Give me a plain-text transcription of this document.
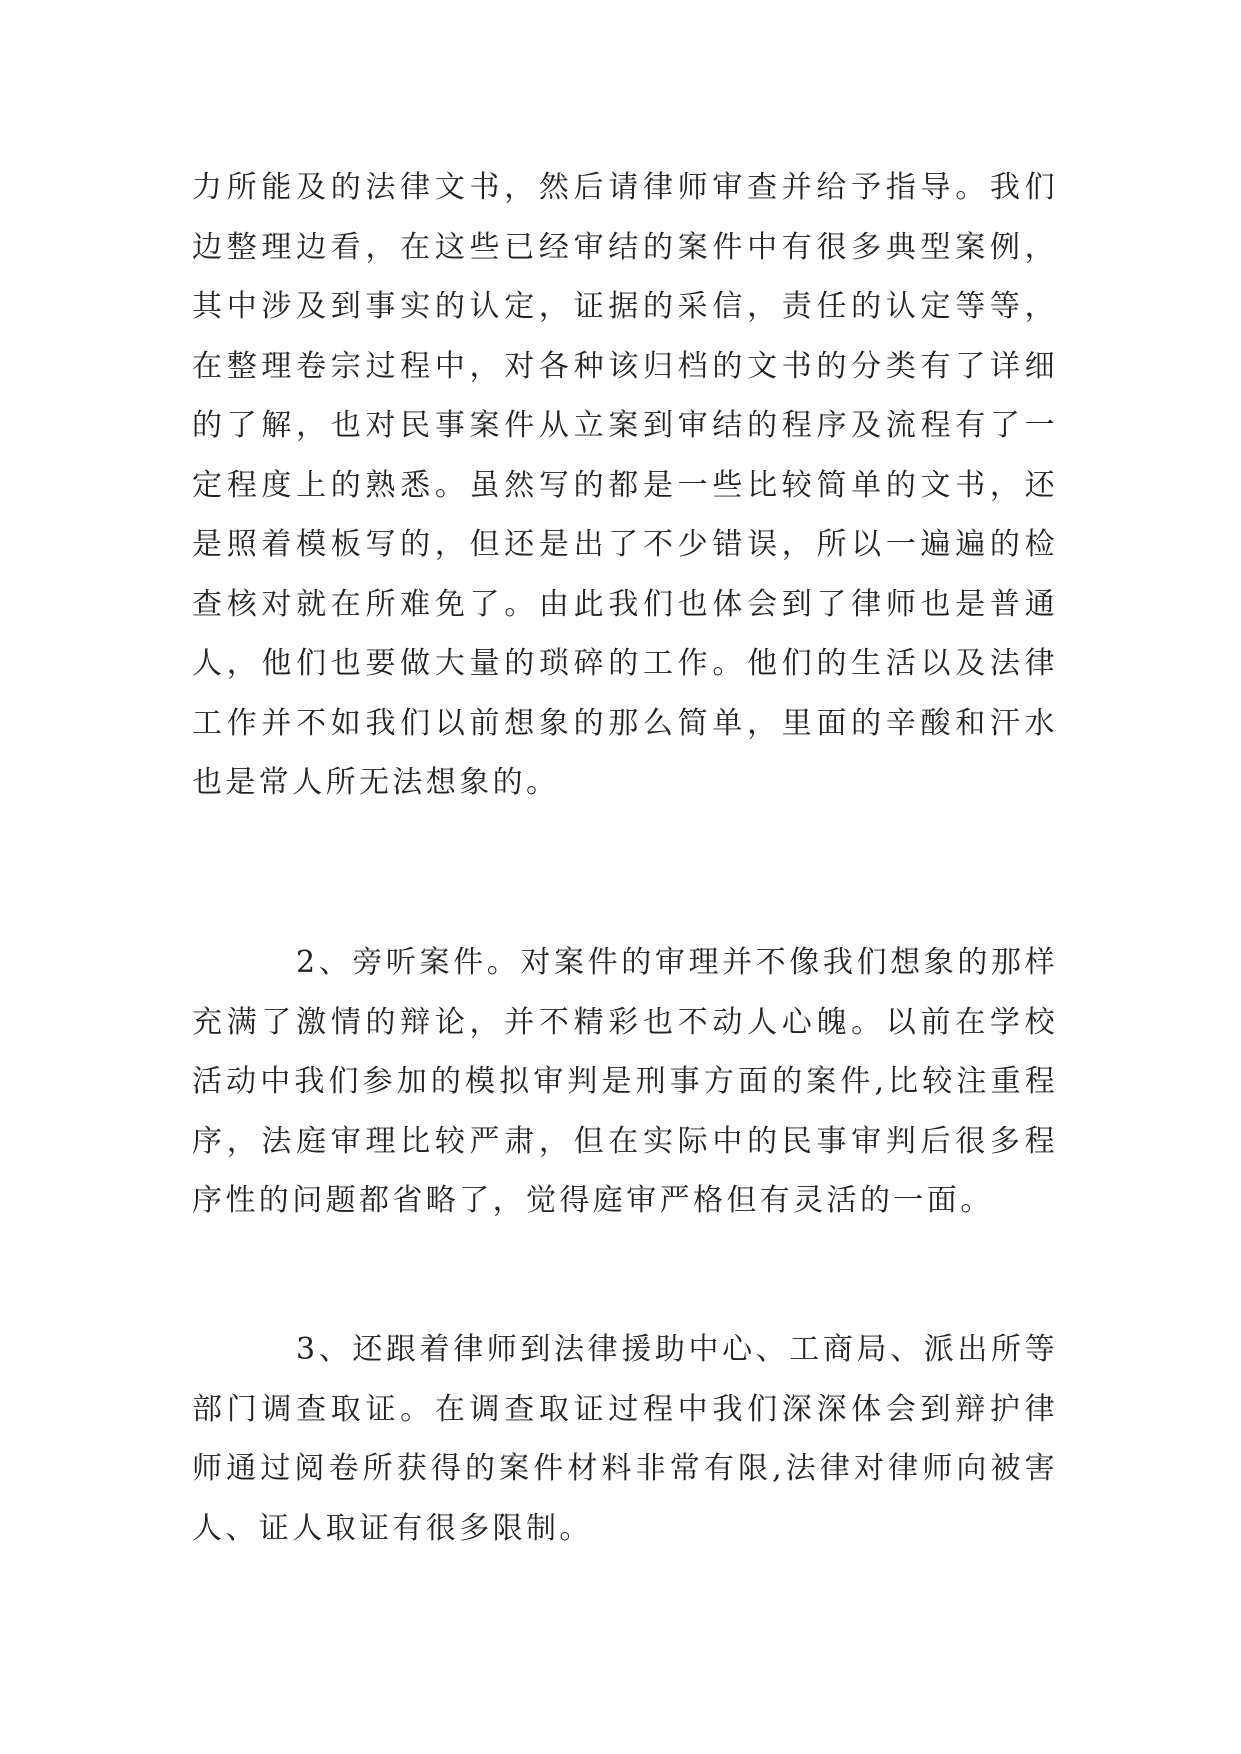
力所能及的法律文书，然后请律师审查并给予指导。我们边整理边看，在这些已经审结的案件中有很多典型案例，其中涉及到事实的认定，证据的采信，责任的认定等等，在整理卷宗过程中，对各种该归档的文书的分类有了详细的了解，也对民事案件从立案到审结的程序及流程有了一定程度上的熟悉。虽然写的都是一些比较简单的文书，还是照着模板写的，但还是出了不少错误，所以一遍遍的检查核对就在所难免了。由此我们也体会到了律师也是普通人，他们也要做大量的琐碎的工作。他们的生活以及法律工作并不如我们以前想象的那么简单，里面的辛酸和汗水也是常人所无法想象的。

2、旁听案件。对案件的审理并不像我们想象的那样充满了激情的辩论，并不精彩也不动人心魄。以前在学校活动中我们参加的模拟审判是刑事方面的案件,比较注重程序，法庭审理比较严肃，但在实际中的民事审判后很多程序性的问题都省略了，觉得庭审严格但有灵活的一面。

3、还跟着律师到法律援助中心、工商局、派出所等部门调查取证。在调查取证过程中我们深深体会到辩护律师通过阅卷所获得的案件材料非常有限,法律对律师向被害人、证人取证有很多限制。
